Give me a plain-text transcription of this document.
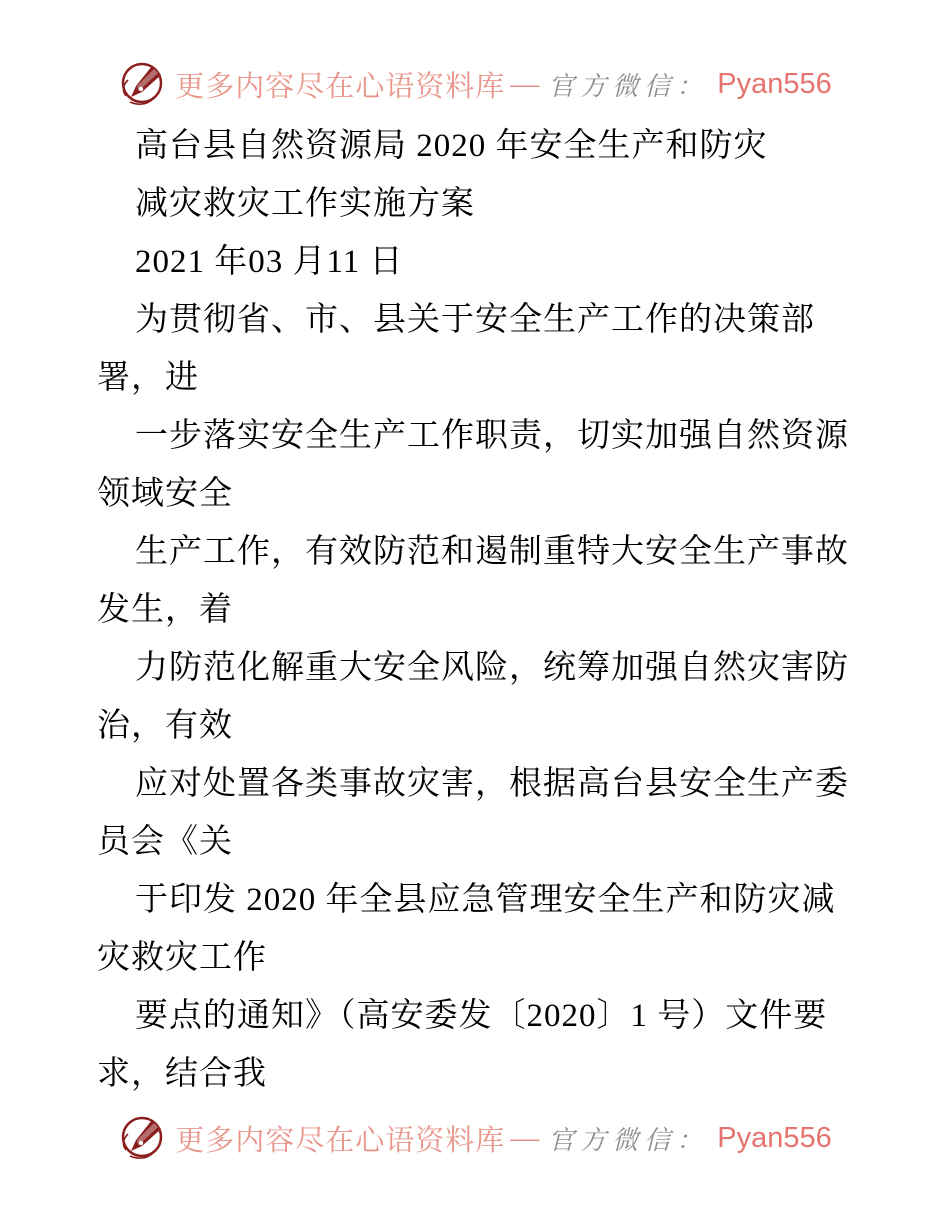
更多内容尽在心语资料库 — 官方微信： Pyan556
高台县自然资源局 2020 年安全生产和防灾
减灾救灾工作实施方案
2021 年03 月11 日
为贯彻省、市、县关于安全生产工作的决策部
署，进
一步落实安全生产工作职责，切实加强自然资源
领域安全
生产工作，有效防范和遏制重特大安全生产事故
发生，着
力防范化解重大安全风险，统筹加强自然灾害防
治，有效
应对处置各类事故灾害，根据高台县安全生产委
员会《关
于印发 2020 年全县应急管理安全生产和防灾减
灾救灾工作
要点的通知》（高安委发〔2020〕1 号）文件要
求，结合我
更多内容尽在心语资料库 — 官方微信： Pyan556
